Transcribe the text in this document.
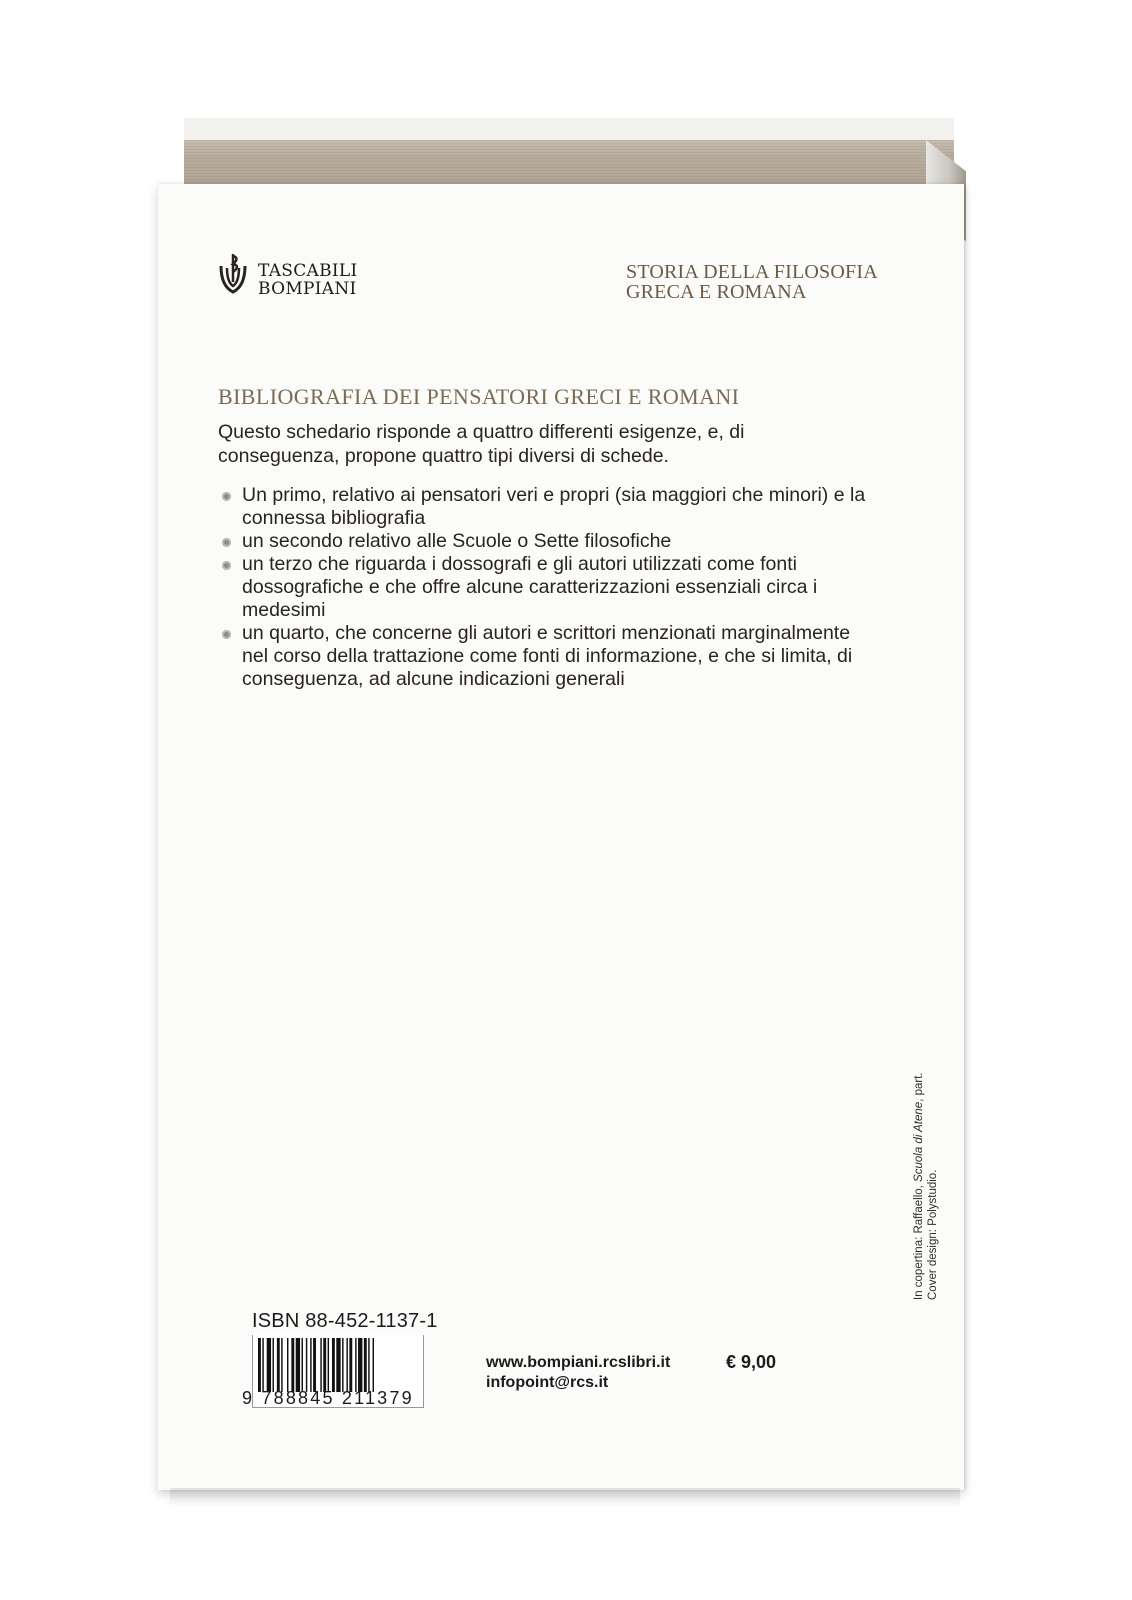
TASCABILI
BOMPIANI
STORIA DELLA FILOSOFIA
GRECA E ROMANA
BIBLIOGRAFIA DEI PENSATORI GRECI E ROMANI
Questo schedario risponde a quattro differenti esigenze, e, di conseguenza, propone quattro tipi diversi di schede.
Un primo, relativo ai pensatori veri e propri (sia maggiori che minori) e la connessa bibliografia
un secondo relativo alle Scuole o Sette filosofiche
un terzo che riguarda i dossografi e gli autori utilizzati come fonti dossografiche e che offre alcune caratterizzazioni essenziali circa i medesimi
un quarto, che concerne gli autori e scrittori menzionati marginalmente nel corso della trattazione come fonti di informazione, e che si limita, di conseguenza, ad alcune indicazioni generali
In copertina: Raffaello, Scuola di Atene, part.
Cover design: Polystudio.
ISBN 88-452-1137-1
9 788845 211379
www.bompiani.rcslibri.it
infopoint@rcs.it
€ 9,00
